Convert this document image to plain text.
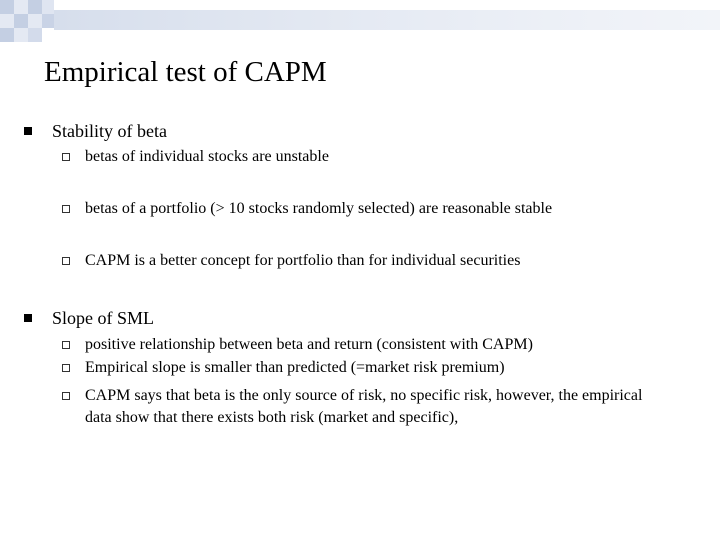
Empirical test of CAPM
Stability of beta
betas of individual stocks are unstable
betas of a portfolio (> 10 stocks randomly selected) are reasonable stable
CAPM is a better concept for portfolio than for individual securities
Slope of SML
positive relationship between beta and return (consistent with CAPM)
Empirical slope is smaller than predicted (=market risk premium)
CAPM says that beta is the only source of risk, no specific risk, however, the empirical data show that there exists both risk (market and specific),
